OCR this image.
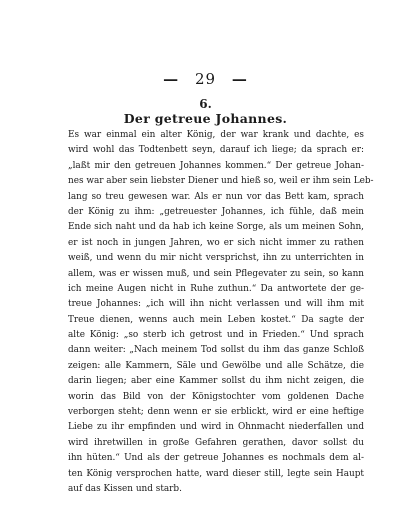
— 29 —
6.
Der getreue Johannes.
Es war einmal ein alter König, der war krank und dachte, es
wird wohl das Todtenbett seyn, darauf ich liege; da sprach er:
„laßt mir den getreuen Johannes kommen.“ Der getreue Johan-
nes war aber sein liebster Diener und hieß so, weil er ihm sein Leb-
lang so treu gewesen war. Als er nun vor das Bett kam, sprach
der König zu ihm: „getreuester Johannes, ich fühle, daß mein
Ende sich naht und da hab ich keine Sorge, als um meinen Sohn,
er ist noch in jungen Jahren, wo er sich nicht immer zu rathen
weiß, und wenn du mir nicht versprichst, ihn zu unterrichten in
allem, was er wissen muß, und sein Pflegevater zu sein, so kann
ich meine Augen nicht in Ruhe zuthun.“ Da antwortete der ge-
treue Johannes: „ich will ihn nicht verlassen und will ihm mit
Treue dienen, wenns auch mein Leben kostet.“ Da sagte der
alte König: „so sterb ich getrost und in Frieden.“ Und sprach
dann weiter: „Nach meinem Tod sollst du ihm das ganze Schloß
zeigen: alle Kammern, Säle und Gewölbe und alle Schätze, die
darin liegen; aber eine Kammer sollst du ihm nicht zeigen, die
worin das Bild von der Königstochter vom goldenen Dache
verborgen steht; denn wenn er sie erblickt, wird er eine heftige
Liebe zu ihr empfinden und wird in Ohnmacht niederfallen und
wird ihretwillen in große Gefahren gerathen, davor sollst du
ihn hüten.“ Und als der getreue Johannes es nochmals dem al-
ten König versprochen hatte, ward dieser still, legte sein Haupt
auf das Kissen und starb.
